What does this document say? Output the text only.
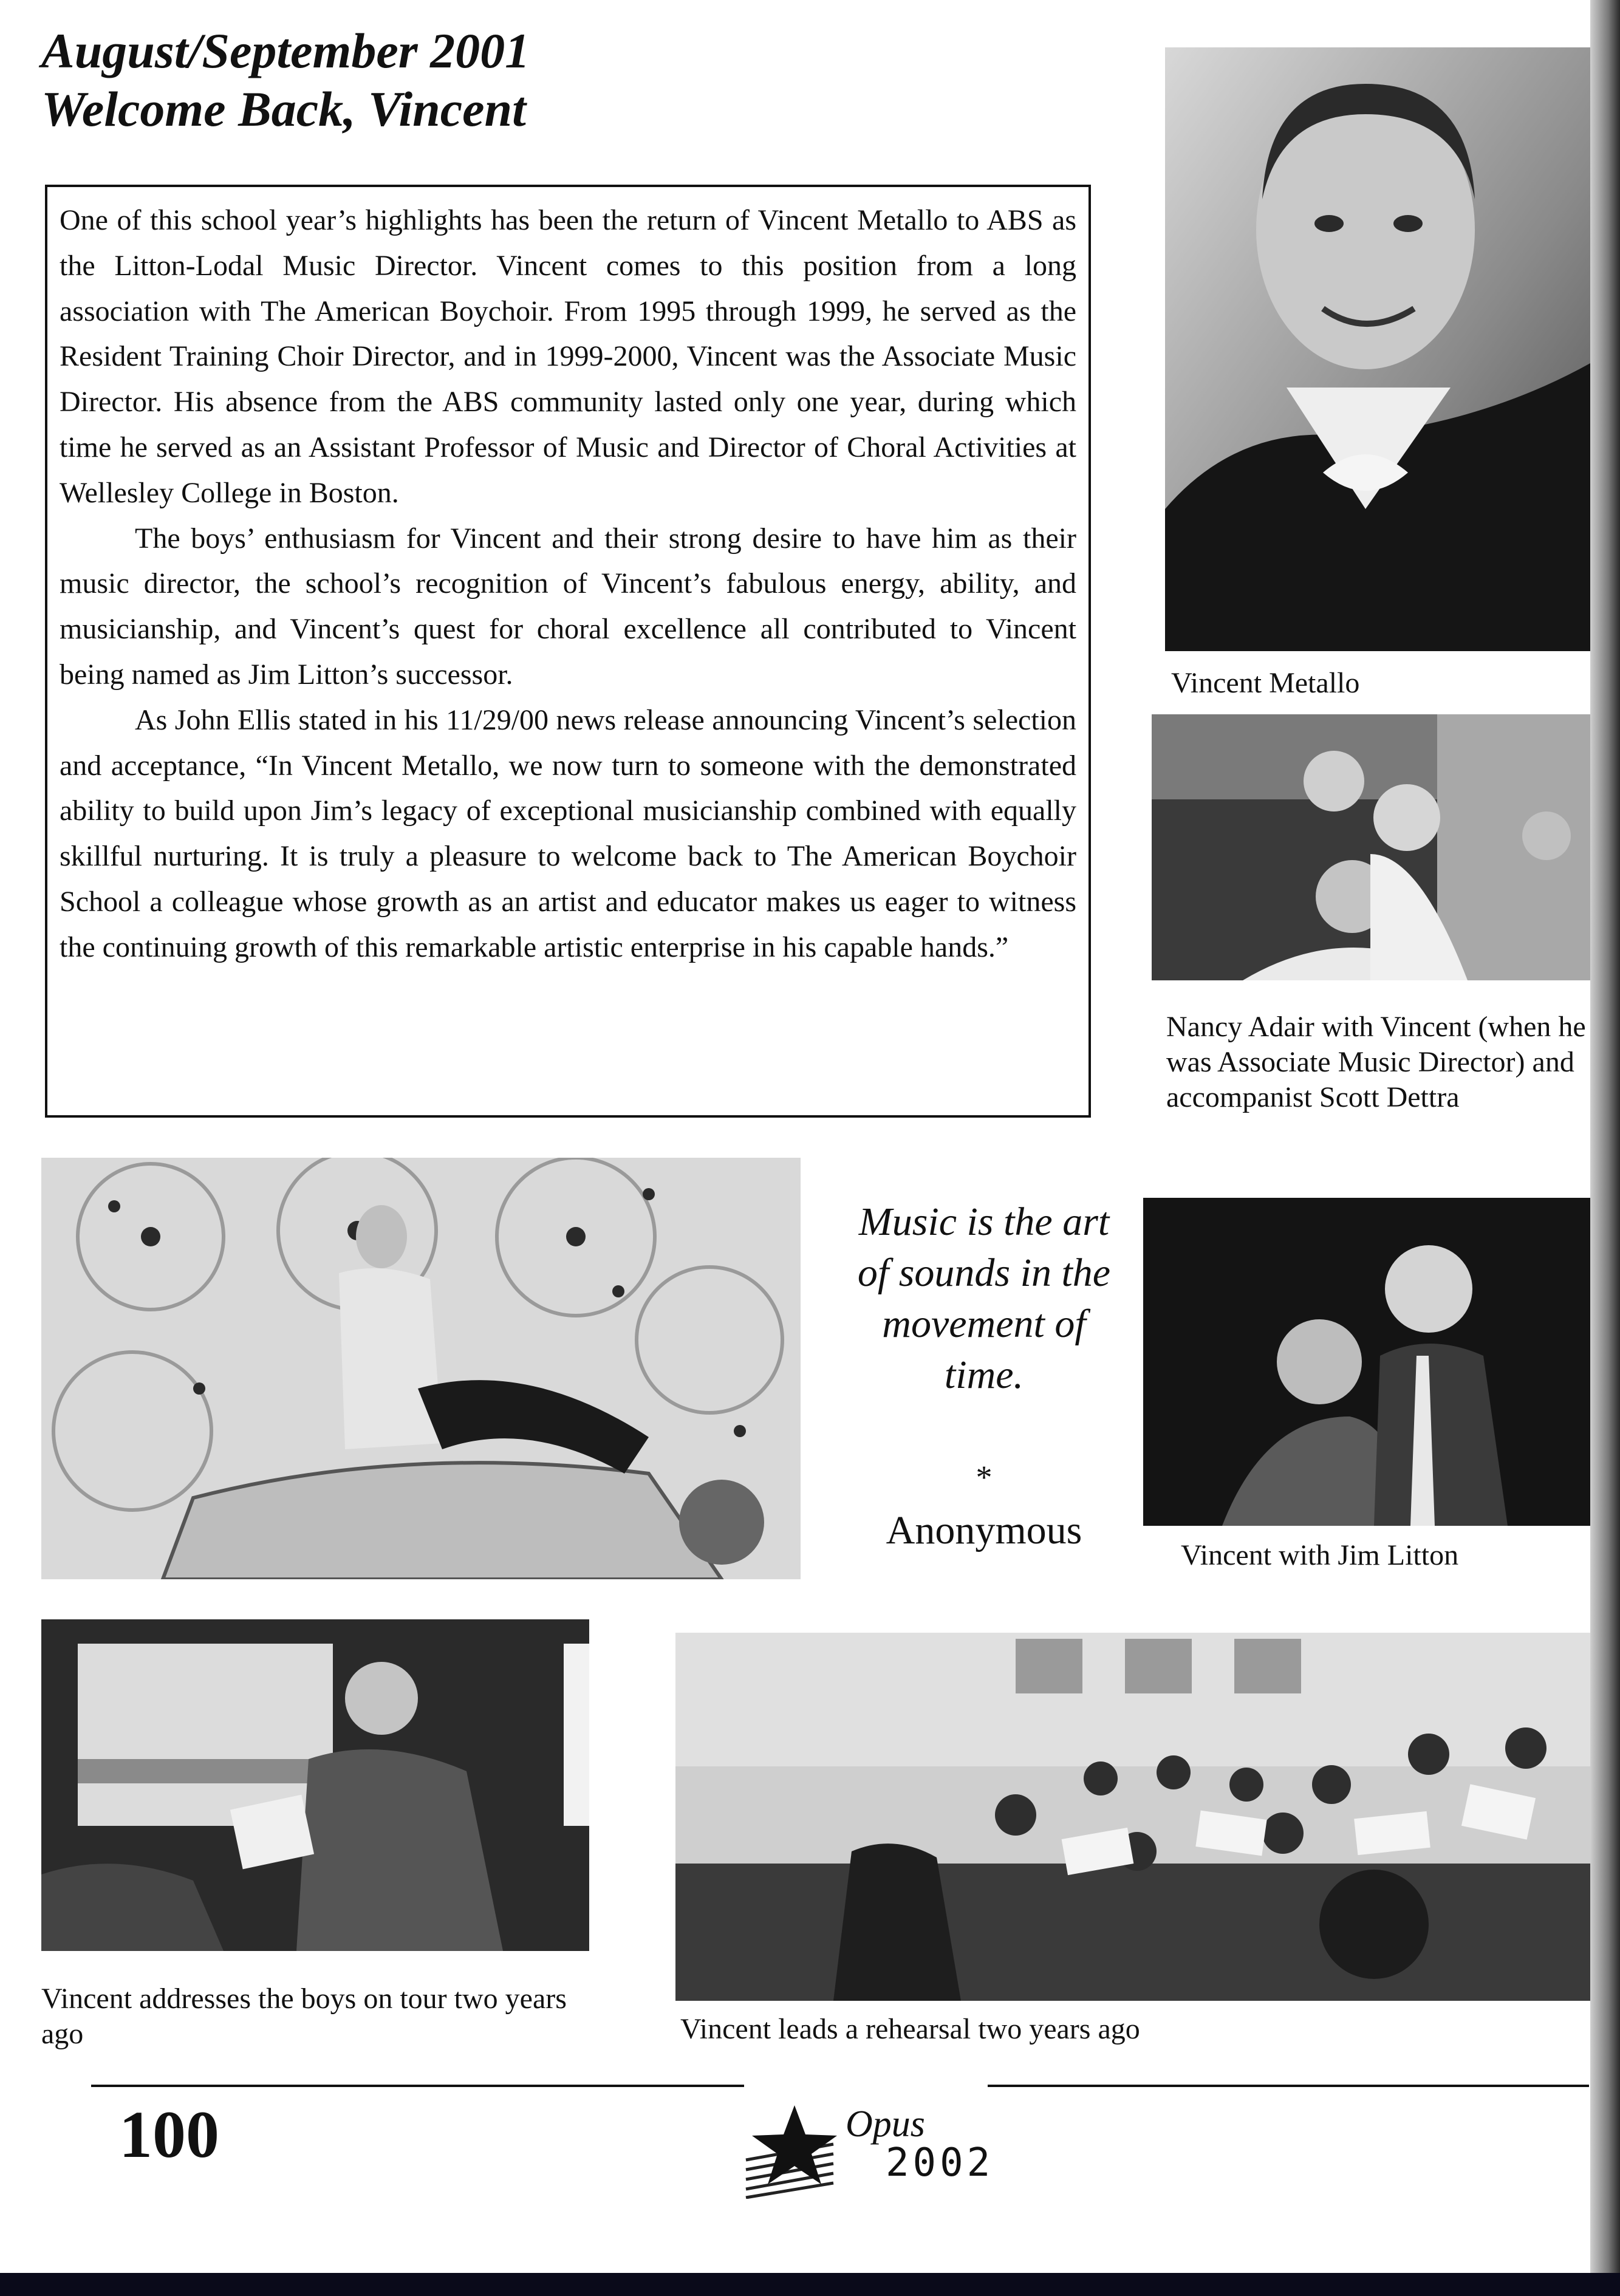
August/September 2001
Welcome Back, Vincent

One of this school year’s highlights has been the return of Vincent Metallo to ABS as the Litton-Lodal Music Director. Vincent comes to this position from a long association with The American Boychoir. From 1995 through 1999, he served as the Resident Training Choir Director, and in 1999-2000, Vincent was the Associate Music Director. His absence from the ABS community lasted only one year, during which time he served as an Assistant Professor of Music and Director of Choral Activities at Wellesley College in Boston.

The boys’ enthusiasm for Vincent and their strong desire to have him as their music director, the school’s recognition of Vincent’s fabulous energy, ability, and musicianship, and Vincent’s quest for choral excellence all contributed to Vincent being named as Jim Litton’s successor.

As John Ellis stated in his 11/29/00 news release announcing Vincent’s selection and acceptance, “In Vincent Metallo, we now turn to someone with the demonstrated ability to build upon Jim’s legacy of exceptional musicianship combined with equally skillful nurturing. It is truly a pleasure to welcome back to The American Boychoir School a colleague whose growth as an artist and educator makes us eager to witness the continuing growth of this remarkable artistic enterprise in his capable hands.”

Vincent Metallo
Nancy Adair with Vincent (when he was Associate Music Director) and accompanist Scott Dettra
Music is the art of sounds in the movement of time.
*
Anonymous
Vincent with Jim Litton
Vincent addresses the boys on tour two years ago	Vincent leads a rehearsal two years ago
100	Opus
2002
